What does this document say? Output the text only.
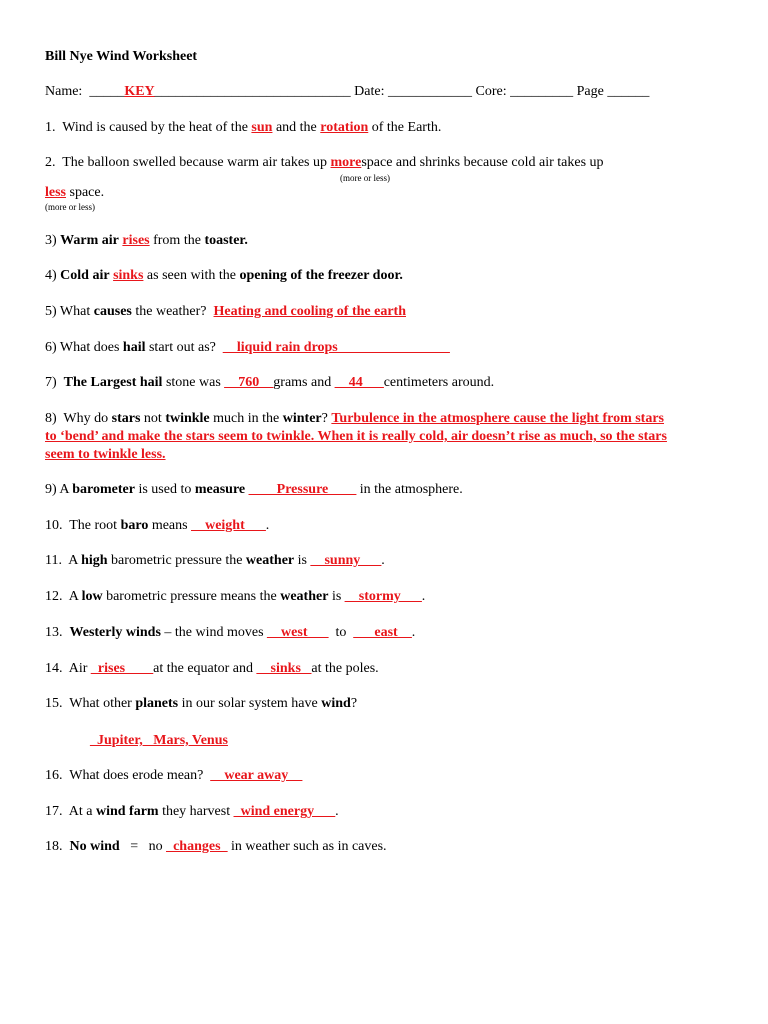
Bill Nye Wind Worksheet
Name: _____KEY____________________________ Date: ____________ Core: _________ Page ______
1. Wind is caused by the heat of the sun and the rotation of the Earth.
2. The balloon swelled because warm air takes up morespace and shrinks because cold air takes up
(more or less)
less space.
(more or less)
3) Warm air rises from the toaster.
4) Cold air sinks as seen with the opening of the freezer door.
5) What causes the weather? Heating and cooling of the earth
6) What does hail start out as? __liquid rain drops________________
7) The Largest hail stone was __760__grams and __44___centimeters around.
8) Why do stars not twinkle much in the winter? Turbulence in the atmosphere cause the light from stars
to ‘bend’ and make the stars seem to twinkle. When it is really cold, air doesn’t rise as much, so the stars
seem to twinkle less.
9) A barometer is used to measure ____Pressure____ in the atmosphere.
10. The root baro means __weight___.
11. A high barometric pressure the weather is __sunny___.
12. A low barometric pressure means the weather is __stormy___.
13. Westerly winds – the wind moves __west___ to ___east__.
14. Air _rises____at the equator and __sinks _at the poles.
15. What other planets in our solar system have wind?
_Jupiter, _Mars, Venus
16. What does erode mean? __wear away__
17. At a wind farm they harvest _wind energy___.
18. No wind = no _changes_ in weather such as in caves.
